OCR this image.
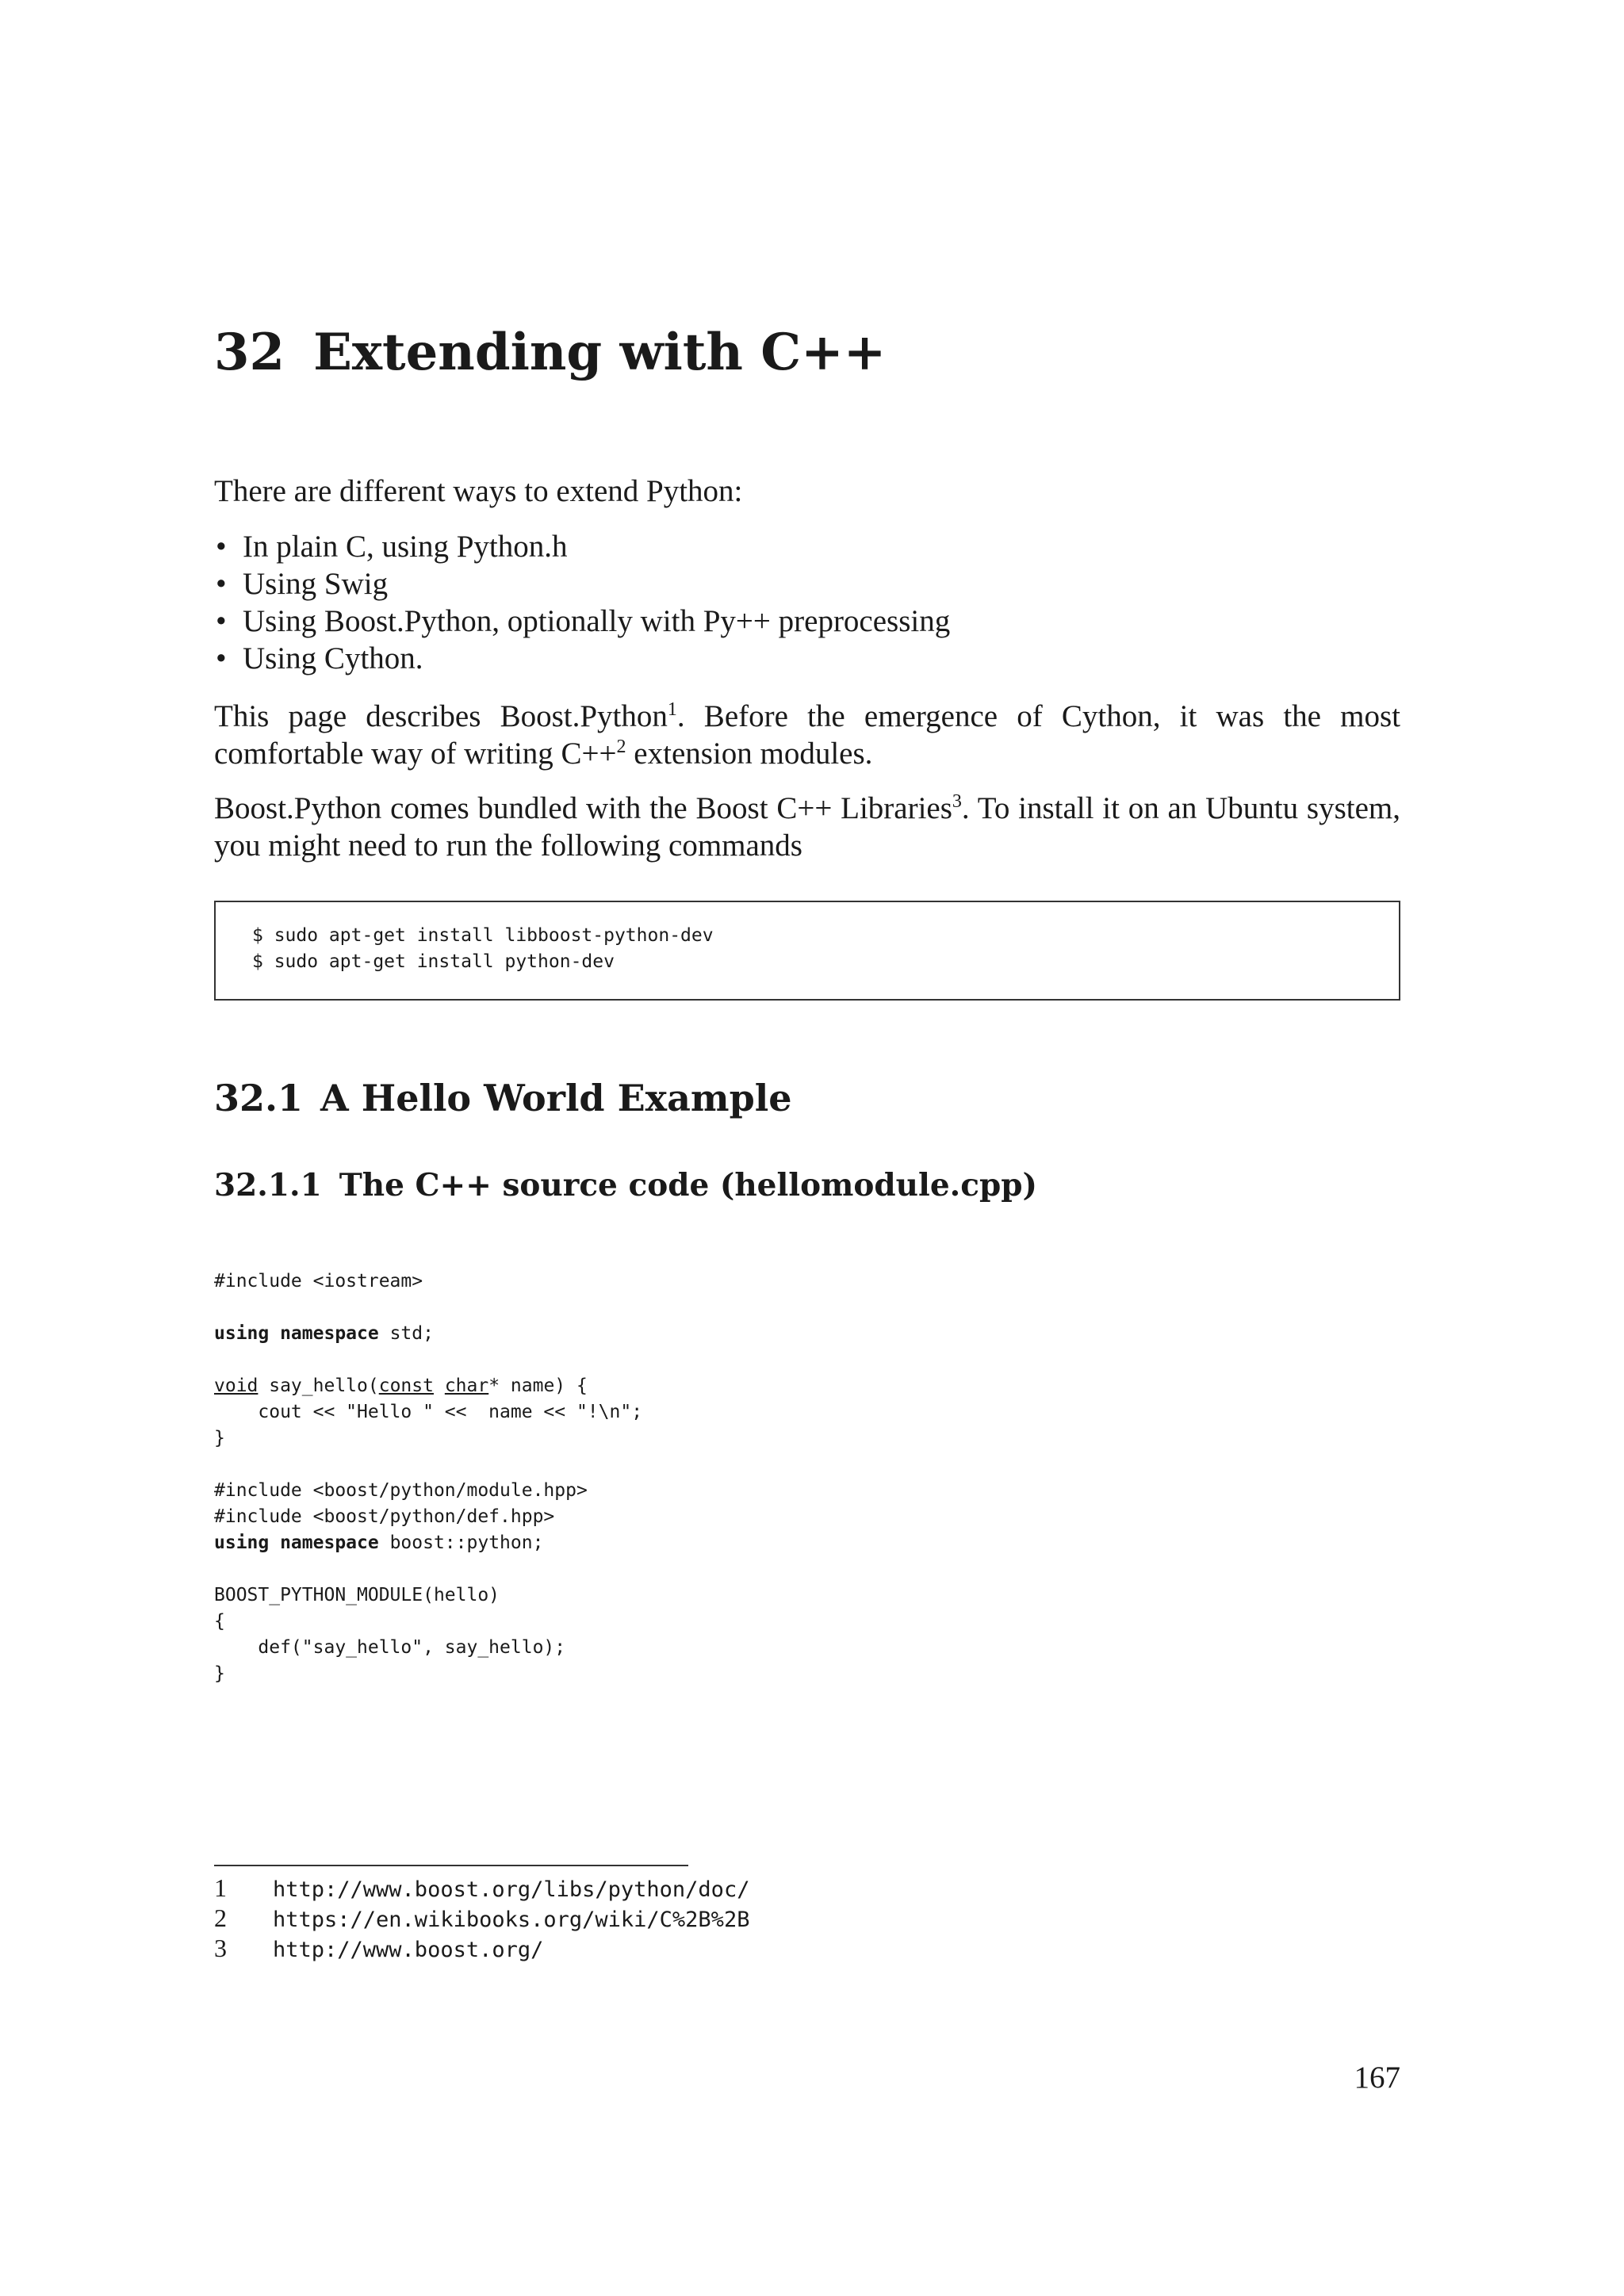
32 Extending with C++

There are different ways to extend Python:

• In plain C, using Python.h
• Using Swig
• Using Boost.Python, optionally with Py++ preprocessing
• Using Cython.

This page describes Boost.Python$^1$. Before the emergence of Cython, it was the most comfortable way of writing C++$^2$ extension modules.

Boost.Python comes bundled with the Boost C++ Libraries$^3$. To install it on an Ubuntu system, you might need to run the following commands

$ sudo apt-get install libboost-python-dev
$ sudo apt-get install python-dev
32.1 A Hello World Example
32.1.1 The C++ source code (hellomodule.cpp)
#include <iostream>

using namespace std;

void say_hello(const char* name) {
cout << "Hello " <<  name << "!\n";
}

#include <boost/python/module.hpp>
#include <boost/python/def.hpp>
using namespace boost::python;

BOOST_PYTHON_MODULE(hello)
{
def("say_hello", say_hello);
}
1 http://www.boost.org/libs/python/doc/
2 https://en.wikibooks.org/wiki/C%2B%2B
3 http://www.boost.org/
167
